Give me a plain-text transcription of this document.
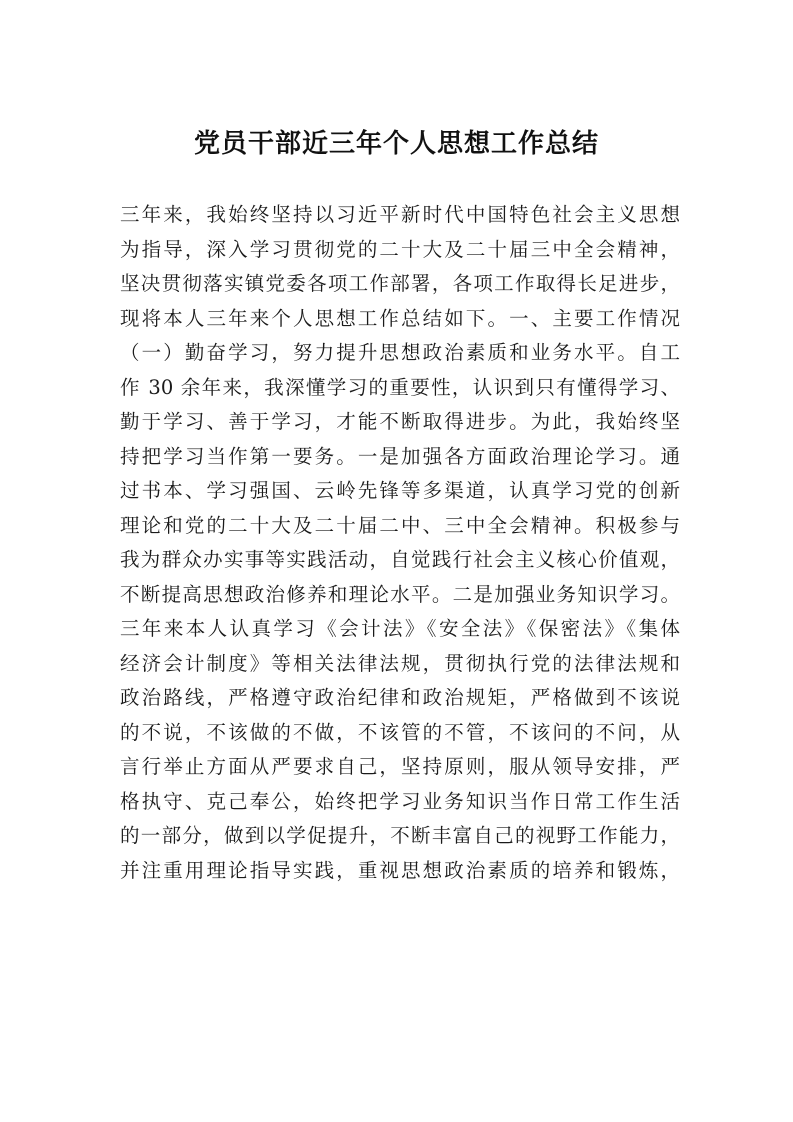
党员干部近三年个人思想工作总结
三年来，我始终坚持以习近平新时代中国特色社会主义思想
为指导，深入学习贯彻党的二十大及二十届三中全会精神，
坚决贯彻落实镇党委各项工作部署，各项工作取得长足进步，
现将本人三年来个人思想工作总结如下。一、主要工作情况
（一）勤奋学习，努力提升思想政治素质和业务水平。自工
作 30 余年来，我深懂学习的重要性，认识到只有懂得学习、
勤于学习、善于学习，才能不断取得进步。为此，我始终坚
持把学习当作第一要务。一是加强各方面政治理论学习。通
过书本、学习强国、云岭先锋等多渠道，认真学习党的创新
理论和党的二十大及二十届二中、三中全会精神。积极参与
我为群众办实事等实践活动，自觉践行社会主义核心价值观，
不断提高思想政治修养和理论水平。二是加强业务知识学习。
三年来本人认真学习《会计法》《安全法》《保密法》《集体
经济会计制度》等相关法律法规，贯彻执行党的法律法规和
政治路线，严格遵守政治纪律和政治规矩，严格做到不该说
的不说，不该做的不做，不该管的不管，不该问的不问，从
言行举止方面从严要求自己，坚持原则，服从领导安排，严
格执守、克己奉公，始终把学习业务知识当作日常工作生活
的一部分，做到以学促提升，不断丰富自己的视野工作能力，
并注重用理论指导实践，重视思想政治素质的培养和锻炼，
